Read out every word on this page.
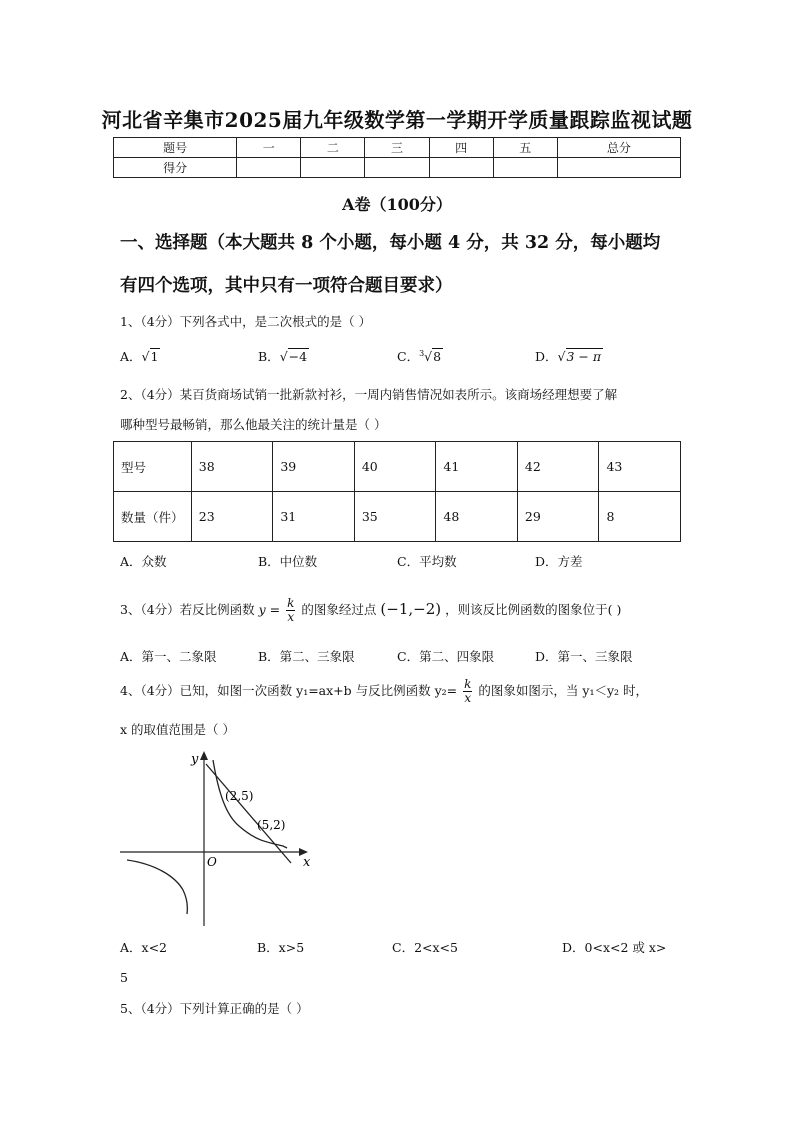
河北省辛集市2025届九年级数学第一学期开学质量跟踪监视试题
题号	一	二	三	四	五	总分
得分						
A卷（100分）
一、选择题（本大题共 8 个小题，每小题 4 分，共 32 分，每小题均
有四个选项，其中只有一项符合题目要求）
1、（4分）下列各式中，是二次根式的是（ ）
A．√1	B．√−4	C．$^3$√8	D．√3 − π
2、（4分）某百货商场试销一批新款衬衫，一周内销售情况如表所示。该商场经理想要了解
哪种型号最畅销，那么他最关注的统计量是（ ）
型号	38	39	40	41	42	43
数量（件）	23	31	35	48	29	8
A．众数	B．中位数	C．平均数	D．方差
3、（4分）若反比例函数 $y = \frac{k}{x}$ 的图象经过点 (−1,−2) ，则该反比例函数的图象位于( )
A．第一、二象限	B．第二、三象限	C．第二、四象限	D．第一、三象限
4、（4分）已知，如图一次函数 y₁=ax+b 与反比例函数 $y_2= \frac{k}{x}$ 的图象如图示，当 y₁＜y₂ 时，
x 的取值范围是（ ）
y
x
O
(2,5)
(5,2)
A．x<2	B．x>5	C．2<x<5	D．0<x<2 或 x>
5
5、（4分）下列计算正确的是（ ）
